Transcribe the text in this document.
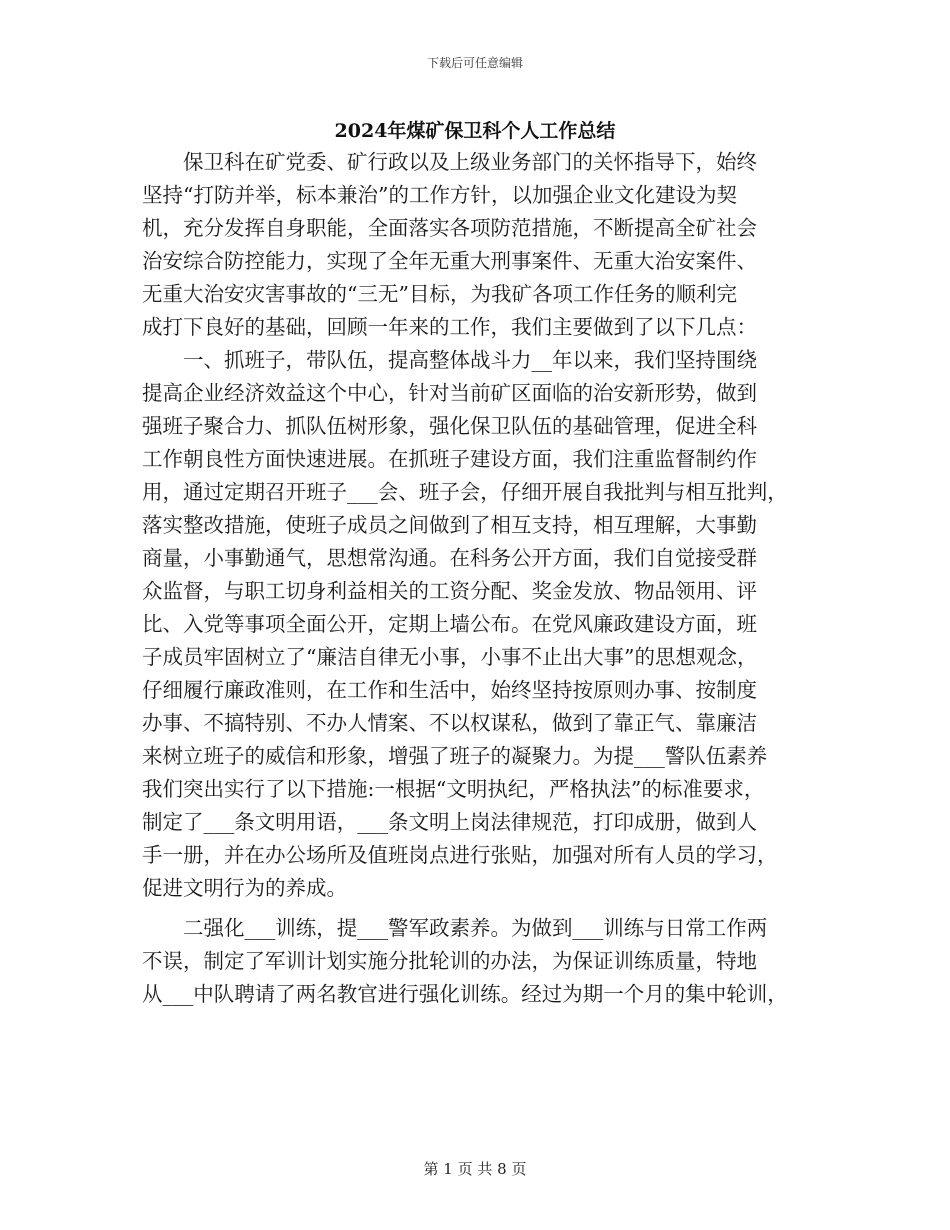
下载后可任意编辑
2024年煤矿保卫科个人工作总结
保卫科在矿党委、矿行政以及上级业务部门的关怀指导下，始终
坚持“打防并举，标本兼治”的工作方针，以加强企业文化建设为契
机，充分发挥自身职能，全面落实各项防范措施，不断提高全矿社会
治安综合防控能力，实现了全年无重大刑事案件、无重大治安案件、
无重大治安灾害事故的“三无”目标，为我矿各项工作任务的顺利完
成打下良好的基础，回顾一年来的工作，我们主要做到了以下几点：
一、抓班子，带队伍，提高整体战斗力__年以来，我们坚持围绕
提高企业经济效益这个中心，针对当前矿区面临的治安新形势，做到
强班子聚合力、抓队伍树形象，强化保卫队伍的基础管理，促进全科
工作朝良性方面快速进展。在抓班子建设方面，我们注重监督制约作
用，通过定期召开班子___会、班子会，仔细开展自我批判与相互批判，
落实整改措施，使班子成员之间做到了相互支持，相互理解，大事勤
商量，小事勤通气，思想常沟通。在科务公开方面，我们自觉接受群
众监督，与职工切身利益相关的工资分配、奖金发放、物品领用、评
比、入党等事项全面公开，定期上墙公布。在党风廉政建设方面，班
子成员牢固树立了“廉洁自律无小事，小事不止出大事”的思想观念，
仔细履行廉政准则，在工作和生活中，始终坚持按原则办事、按制度
办事、不搞特别、不办人情案、不以权谋私，做到了靠正气、靠廉洁
来树立班子的威信和形象，增强了班子的凝聚力。为提___警队伍素养
我们突出实行了以下措施:一根据“文明执纪，严格执法”的标准要求，
制定了___条文明用语，___条文明上岗法律规范，打印成册，做到人
手一册，并在办公场所及值班岗点进行张贴，加强对所有人员的学习，
促进文明行为的养成。
二强化___训练，提___警军政素养。为做到___训练与日常工作两
不误，制定了军训计划实施分批轮训的办法，为保证训练质量，特地
从___中队聘请了两名教官进行强化训练。经过为期一个月的集中轮训，
第 1 页 共 8 页
